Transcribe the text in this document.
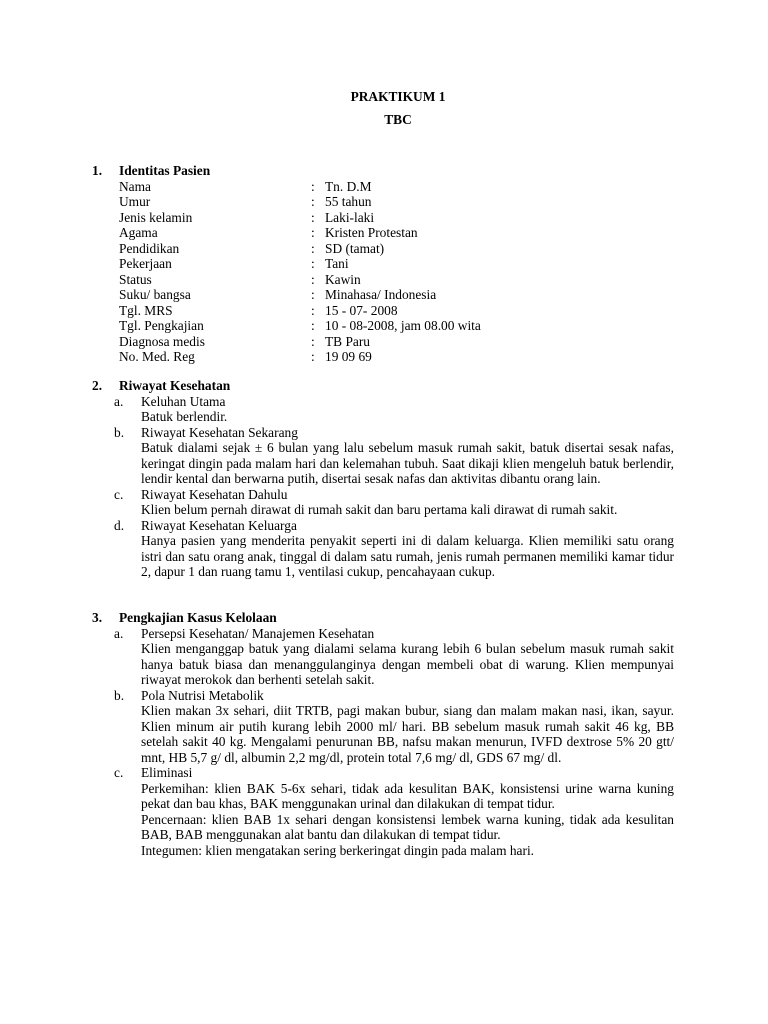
PRAKTIKUM 1
TBC
1. Identitas Pasien
Nama	: Tn. D.M
Umur	: 55 tahun
Jenis kelamin	: Laki-laki
Agama	: Kristen Protestan
Pendidikan	: SD (tamat)
Pekerjaan	: Tani
Status	: Kawin
Suku/ bangsa	: Minahasa/ Indonesia
Tgl. MRS	: 15 - 07- 2008
Tgl. Pengkajian	: 10 - 08-2008, jam 08.00 wita
Diagnosa medis	: TB Paru
No. Med. Reg	: 19 09 69
2. Riwayat Kesehatan
a. Keluhan Utama

Batuk berlendir.

b. Riwayat Kesehatan Sekarang

Batuk dialami sejak ± 6 bulan yang lalu sebelum masuk rumah sakit, batuk disertai sesak nafas, keringat dingin pada malam hari dan kelemahan tubuh. Saat dikaji klien mengeluh batuk berlendir, lendir kental dan berwarna putih, disertai sesak nafas dan aktivitas dibantu orang lain.

c. Riwayat Kesehatan Dahulu

Klien belum pernah dirawat di rumah sakit dan baru pertama kali dirawat di rumah sakit.

d. Riwayat Kesehatan Keluarga

Hanya pasien yang menderita penyakit seperti ini di dalam keluarga. Klien memiliki satu orang istri dan satu orang anak, tinggal di dalam satu rumah, jenis rumah permanen memiliki kamar tidur 2, dapur 1 dan ruang tamu 1, ventilasi cukup, pencahayaan cukup.

3. Pengkajian Kasus Kelolaan
a. Persepsi Kesehatan/ Manajemen Kesehatan

Klien menganggap batuk yang dialami selama kurang lebih 6 bulan sebelum masuk rumah sakit hanya batuk biasa dan menanggulanginya dengan membeli obat di warung. Klien mempunyai riwayat merokok dan berhenti setelah sakit.

b. Pola Nutrisi Metabolik

Klien makan 3x sehari, diit TRTB, pagi makan bubur, siang dan malam makan nasi, ikan, sayur. Klien minum air putih kurang lebih 2000 ml/ hari. BB sebelum masuk rumah sakit 46 kg, BB setelah sakit 40 kg. Mengalami penurunan BB, nafsu makan menurun, IVFD dextrose 5% 20 gtt/ mnt, HB 5,7 g/ dl, albumin 2,2 mg/dl, protein total 7,6 mg/ dl, GDS 67 mg/ dl.

c. Eliminasi

Perkemihan: klien BAK 5-6x sehari, tidak ada kesulitan BAK, konsistensi urine warna kuning pekat dan bau khas, BAK menggunakan urinal dan dilakukan di tempat tidur.

Pencernaan: klien BAB 1x sehari dengan konsistensi lembek warna kuning, tidak ada kesulitan BAB, BAB menggunakan alat bantu dan dilakukan di tempat tidur.

Integumen: klien mengatakan sering berkeringat dingin pada malam hari.
